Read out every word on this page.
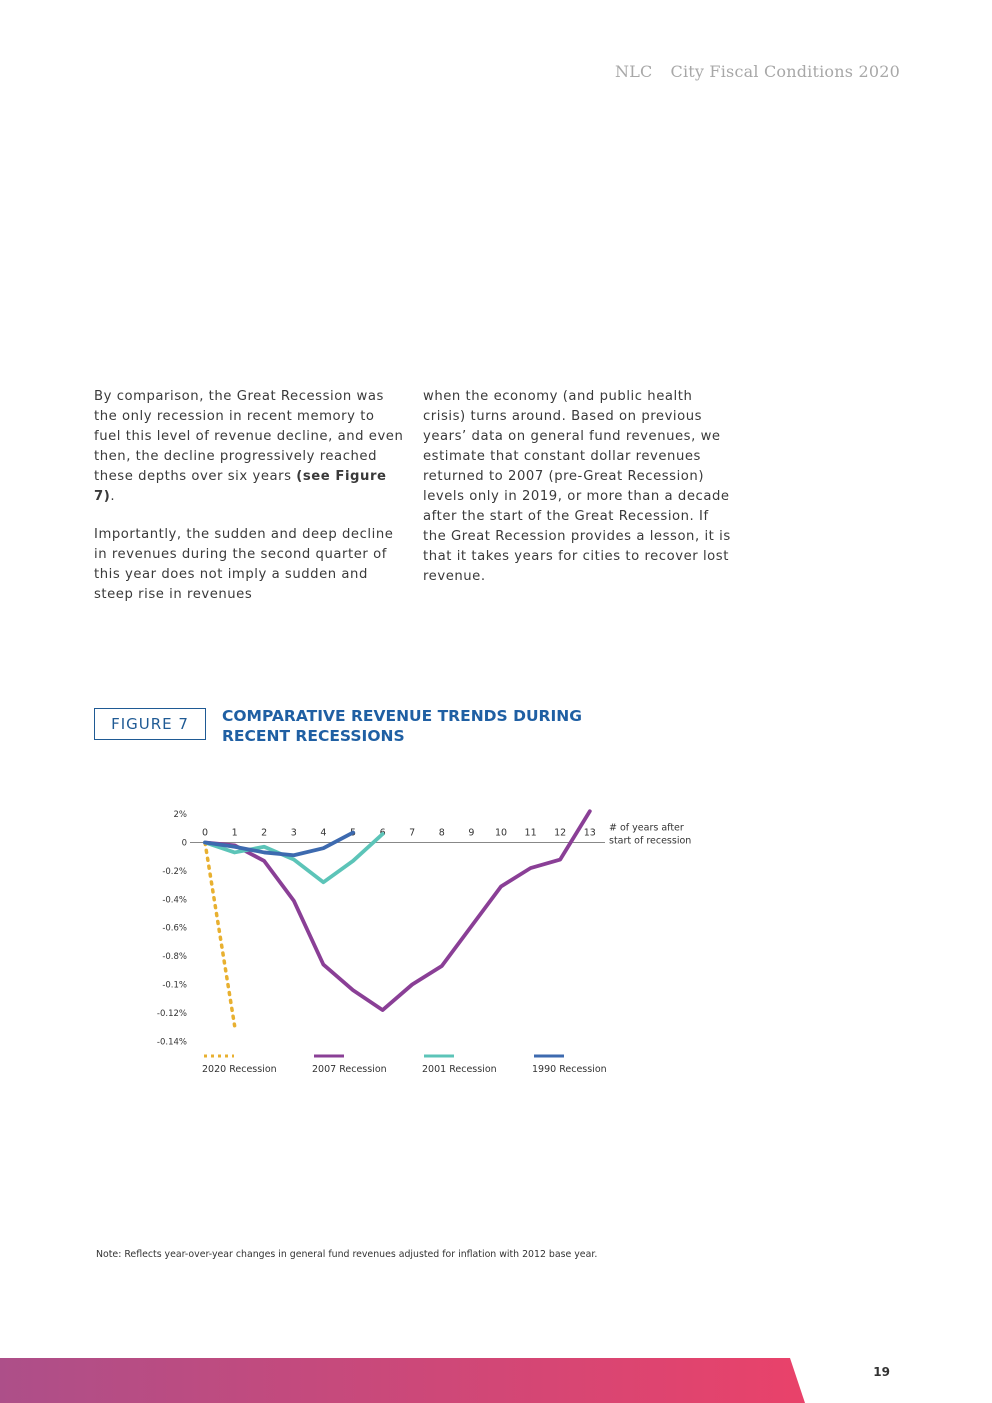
NLC City Fiscal Conditions 2020

By comparison, the Great Recession was the only recession in recent memory to fuel this level of revenue decline, and even then, the decline progressively reached these depths over six years (see Figure 7).

Importantly, the sudden and deep decline in revenues during the second quarter of this year does not imply a sudden and steep rise in revenues

when the economy (and public health crisis) turns around. Based on previous years’ data on general fund revenues, we estimate that constant dollar revenues returned to 2007 (pre-Great Recession) levels only in 2019, or more than a decade after the start of the Great Recession. If the Great Recession provides a lesson, it is that it takes years for cities to recover lost revenue.

FIGURE 7	COMPARATIVE REVENUE TRENDS DURING RECENT RECESSIONS
2%
0
-0.2%
-0.4%
-0.6%
-0.8%
-0.1%
-0.12%
-0.14%
0 1 2 3 4 5 6 7 8 9 10 11 12 13 # of years after
start of recession
2020 Recession	2007 Recession	2001 Recession	1990 Recession
Note: Reflects year-over-year changes in general fund revenues adjusted for inflation with 2012 base year.
19
